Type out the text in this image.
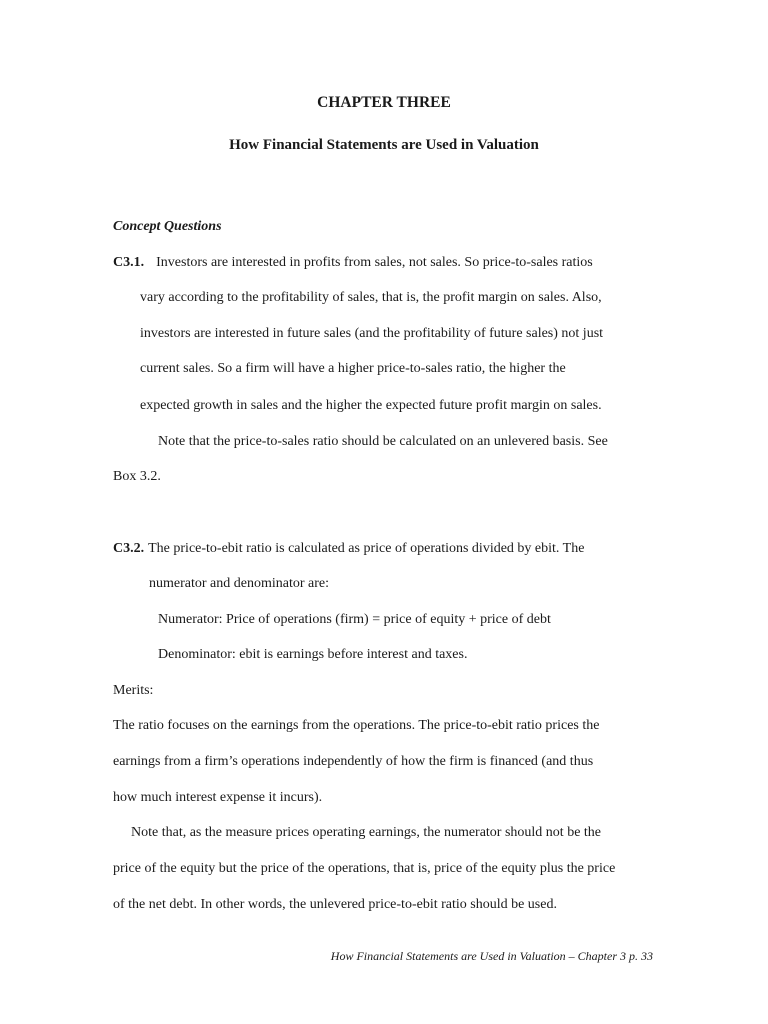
CHAPTER THREE
How Financial Statements are Used in Valuation
Concept Questions
C3.1. Investors are interested in profits from sales, not sales. So price-to-sales ratios
vary according to the profitability of sales, that is, the profit margin on sales. Also,
investors are interested in future sales (and the profitability of future sales) not just
current sales. So a firm will have a higher price-to-sales ratio, the higher the
expected growth in sales and the higher the expected future profit margin on sales.
Note that the price-to-sales ratio should be calculated on an unlevered basis. See
Box 3.2.
C3.2. The price-to-ebit ratio is calculated as price of operations divided by ebit. The
numerator and denominator are:
Numerator: Price of operations (firm) = price of equity + price of debt
Denominator: ebit is earnings before interest and taxes.
Merits:
The ratio focuses on the earnings from the operations. The price-to-ebit ratio prices the
earnings from a firm’s operations independently of how the firm is financed (and thus
how much interest expense it incurs).
Note that, as the measure prices operating earnings, the numerator should not be the
price of the equity but the price of the operations, that is, price of the equity plus the price
of the net debt. In other words, the unlevered price-to-ebit ratio should be used.
How Financial Statements are Used in Valuation – Chapter 3 p. 33
